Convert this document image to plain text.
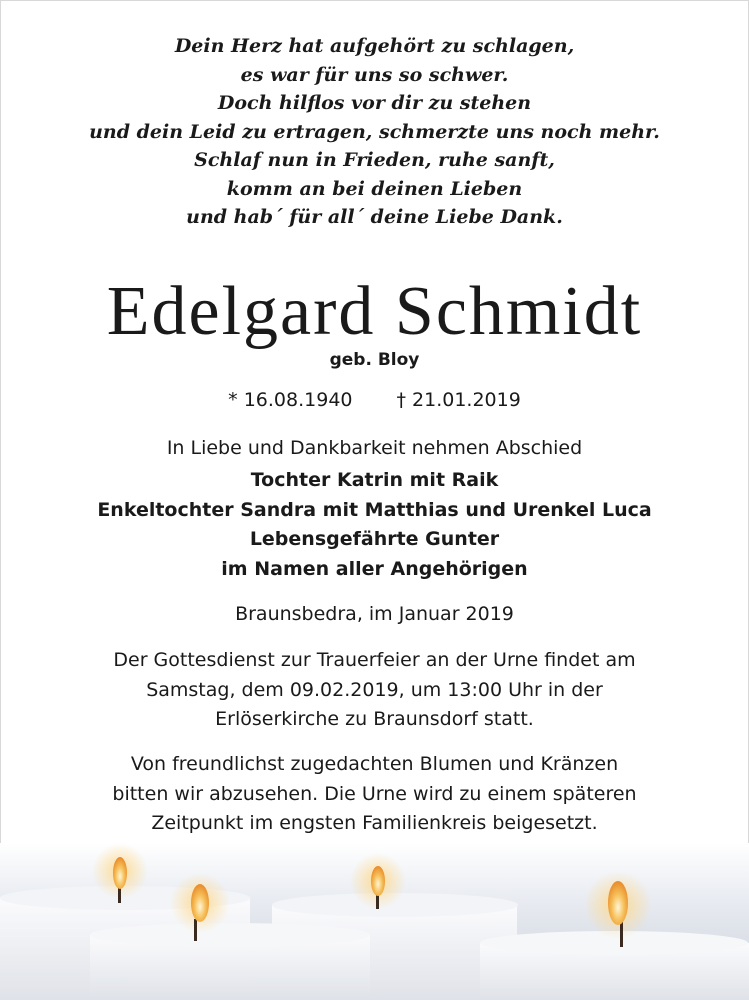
Dein Herz hat aufgehört zu schlagen,
es war für uns so schwer.
Doch hilflos vor dir zu stehen
und dein Leid zu ertragen, schmerzte uns noch mehr.
Schlaf nun in Frieden, ruhe sanft,
komm an bei deinen Lieben
und hab´ für all´ deine Liebe Dank.
Edelgard Schmidt
geb. Bloy
* 16.08.1940 † 21.01.2019
In Liebe und Dankbarkeit nehmen Abschied
Tochter Katrin mit Raik
Enkeltochter Sandra mit Matthias und Urenkel Luca
Lebensgefährte Gunter
im Namen aller Angehörigen
Braunsbedra, im Januar 2019
Der Gottesdienst zur Trauerfeier an der Urne findet am
Samstag, dem 09.02.2019, um 13:00 Uhr in der
Erlöserkirche zu Braunsdorf statt.
Von freundlichst zugedachten Blumen und Kränzen
bitten wir abzusehen. Die Urne wird zu einem späteren
Zeitpunkt im engsten Familienkreis beigesetzt.
